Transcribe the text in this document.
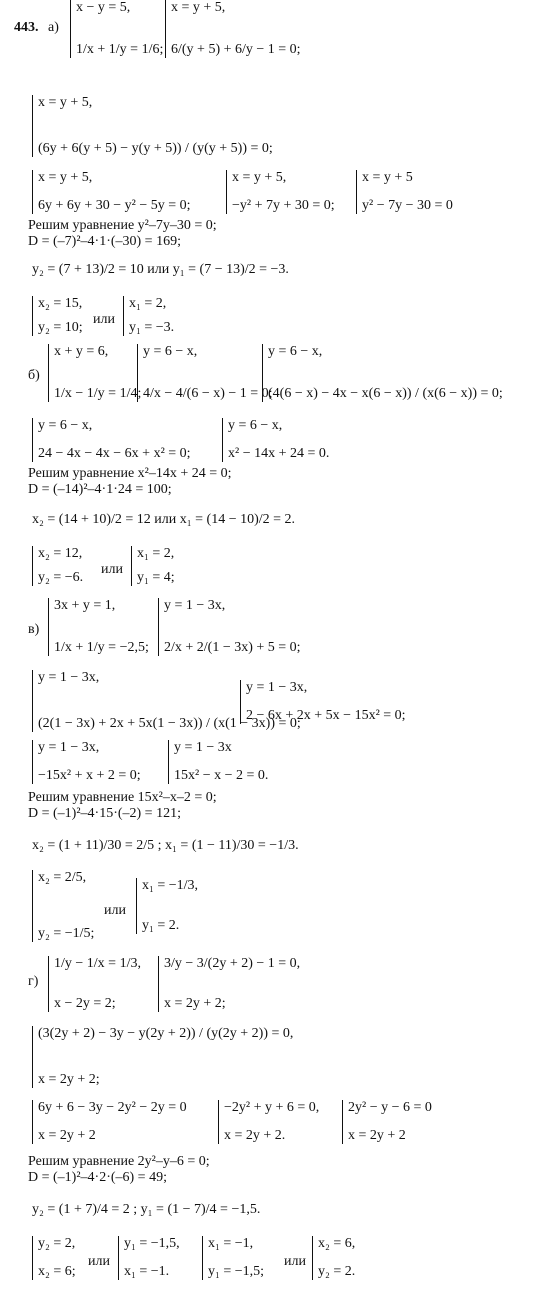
443. а)
x − y = 5,
1/x + 1/y = 1/6;
x = y + 5,
6/(y + 5) + 6/y − 1 = 0;
x = y + 5,
(6y + 6(y + 5) − y(y + 5)) / (y(y + 5)) = 0;
x = y + 5,
6y + 6y + 30 − y² − 5y = 0;
x = y + 5,
−y² + 7y + 30 = 0;
x = y + 5
y² − 7y − 30 = 0
Решим уравнение y²–7y–30 = 0;
D = (–7)²–4·1·(–30) = 169;
y₂ = (7 + 13)/2 = 10 или y₁ = (7 − 13)/2 = −3.
x₂ = 15,
y₂ = 10;
или
x₁ = 2,
y₁ = −3.
б)
x + y = 6,
1/x − 1/y = 1/4;
y = 6 − x,
4/x − 4/(6 − x) − 1 = 0;
y = 6 − x,
(4(6 − x) − 4x − x(6 − x)) / (x(6 − x)) = 0;
y = 6 − x,
24 − 4x − 4x − 6x + x² = 0;
y = 6 − x,
x² − 14x + 24 = 0.
Решим уравнение x²–14x + 24 = 0;
D = (–14)²–4·1·24 = 100;
x₂ = (14 + 10)/2 = 12 или x₁ = (14 − 10)/2 = 2.
x₂ = 12,
y₂ = −6.
или
x₁ = 2,
y₁ = 4;
в)
3x + y = 1,
1/x + 1/y = −2,5;
y = 1 − 3x,
2/x + 2/(1 − 3x) + 5 = 0;
y = 1 − 3x,
(2(1 − 3x) + 2x + 5x(1 − 3x)) / (x(1 − 3x)) = 0;
y = 1 − 3x,
2 − 6x + 2x + 5x − 15x² = 0;
y = 1 − 3x,
−15x² + x + 2 = 0;
y = 1 − 3x
15x² − x − 2 = 0.
Решим уравнение 15x²–x–2 = 0;
D = (–1)²–4·15·(–2) = 121;
x₂ = (1 + 11)/30 = 2/5 ; x₁ = (1 − 11)/30 = −1/3.
x₂ = 2/5,
y₂ = −1/5;
или
x₁ = −1/3,
y₁ = 2.
г)
1/y − 1/x = 1/3,
x − 2y = 2;
3/y − 3/(2y + 2) − 1 = 0,
x = 2y + 2;
(3(2y + 2) − 3y − y(2y + 2)) / (y(2y + 2)) = 0,
x = 2y + 2;
6y + 6 − 3y − 2y² − 2y = 0
x = 2y + 2
−2y² + y + 6 = 0,
x = 2y + 2.
2y² − y − 6 = 0
x = 2y + 2
Решим уравнение 2y²–y–6 = 0;
D = (–1)²–4·2·(–6) = 49;
y₂ = (1 + 7)/4 = 2 ; y₁ = (1 − 7)/4 = −1,5.
y₂ = 2,
x₂ = 6;
или
y₁ = −1,5,
x₁ = −1.
x₁ = −1,
y₁ = −1,5;
или
x₂ = 6,
y₂ = 2.
